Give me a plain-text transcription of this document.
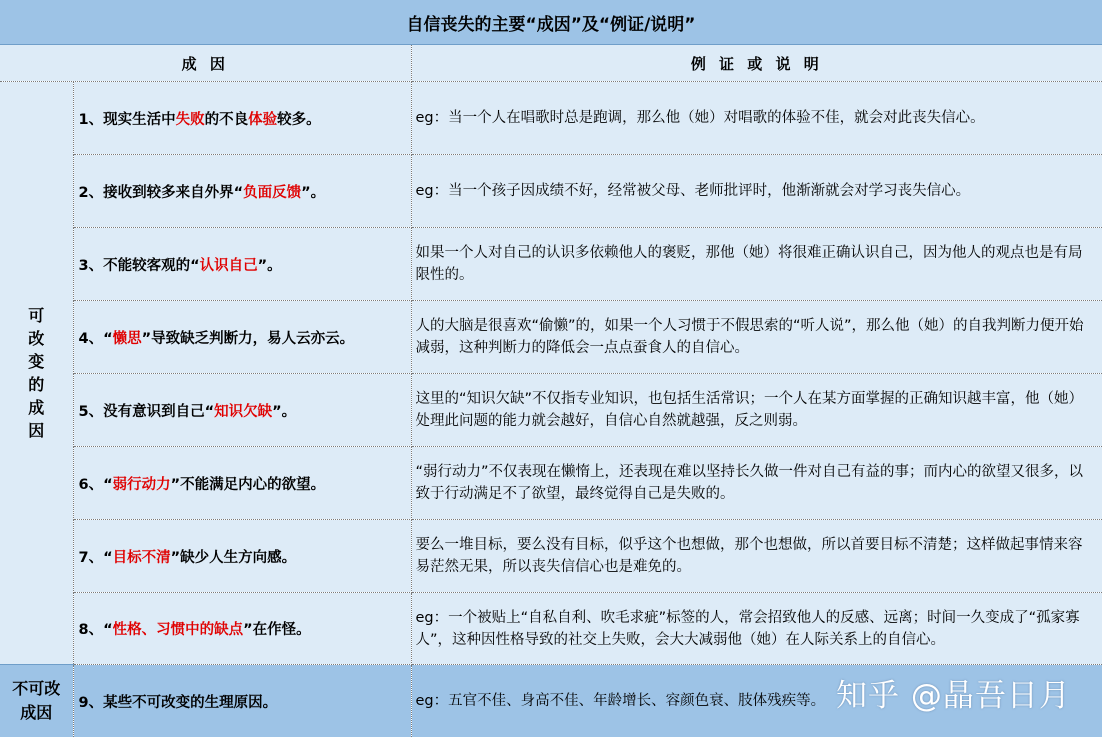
自信丧失的主要“成因”及“例证/说明”		
成 因		例 证 或 说 明

可改变的成因	1、现实生活中失败的不良体验较多。	eg：当一个人在唱歌时总是跑调，那么他（她）对唱歌的体验不佳，就会对此丧失信心。
	2、接收到较多来自外界“负面反馈”。	eg：当一个孩子因成绩不好，经常被父母、老师批评时，他渐渐就会对学习丧失信心。
	3、不能较客观的“认识自己”。	如果一个人对自己的认识多依赖他人的褒贬，那他（她）将很难正确认识自己，因为他人的观点也是有局限性的。
	4、“懒思”导致缺乏判断力，易人云亦云。	人的大脑是很喜欢“偷懒”的，如果一个人习惯于不假思索的“听人说”，那么他（她）的自我判断力便开始减弱，这种判断力的降低会一点点蚕食人的自信心。
	5、没有意识到自己“知识欠缺”。	这里的“知识欠缺”不仅指专业知识，也包括生活常识；一个人在某方面掌握的正确知识越丰富，他（她）处理此问题的能力就会越好，自信心自然就越强，反之则弱。
	6、“弱行动力”不能满足内心的欲望。	“弱行动力”不仅表现在懒惰上，还表现在难以坚持长久做一件对自己有益的事；而内心的欲望又很多，以致于行动满足不了欲望，最终觉得自己是失败的。
	7、“目标不清”缺少人生方向感。	要么一堆目标，要么没有目标，似乎这个也想做，那个也想做，所以首要目标不清楚；这样做起事情来容易茫然无果，所以丧失信信心也是难免的。
	8、“性格、习惯中的缺点”在作怪。	eg：一个被贴上“自私自利、吹毛求疵”标签的人，常会招致他人的反感、远离；时间一久变成了“孤家寡人”，这种因性格导致的社交上失败，会大大减弱他（她）在人际关系上的自信心。

不可改
成因	9、某些不可改变的生理原因。	eg：五官不佳、身高不佳、年龄增长、容颜色衰、肢体残疾等。 知乎 @晶吾日月
